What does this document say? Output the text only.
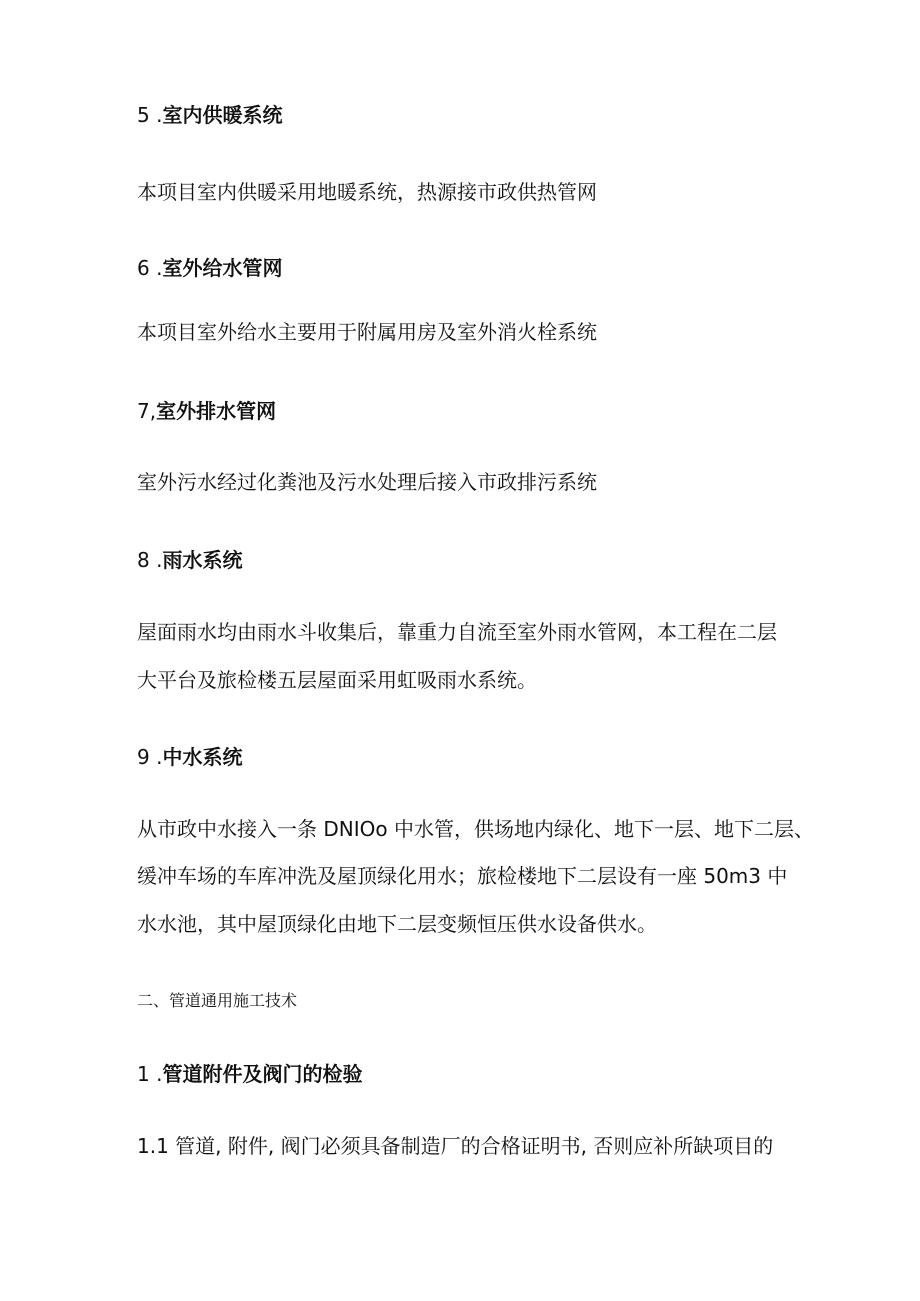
5 .室内供暖系统
本项目室内供暖采用地暖系统，热源接市政供热管网
6 .室外给水管网
本项目室外给水主要用于附属用房及室外消火栓系统
7,室外排水管网
室外污水经过化粪池及污水处理后接入市政排污系统
8 .雨水系统
屋面雨水均由雨水斗收集后，靠重力自流至室外雨水管网，本工程在二层
大平台及旅检楼五层屋面采用虹吸雨水系统。
9 .中水系统
从市政中水接入一条 DNIOo 中水管，供场地内绿化、地下一层、地下二层、
缓冲车场的车库冲洗及屋顶绿化用水；旅检楼地下二层设有一座 50m3 中
水水池，其中屋顶绿化由地下二层变频恒压供水设备供水。
二、管道通用施工技术
1 .管道附件及阀门的检验
1.1 管道, 附件, 阀门必须具备制造厂的合格证明书, 否则应补所缺项目的
